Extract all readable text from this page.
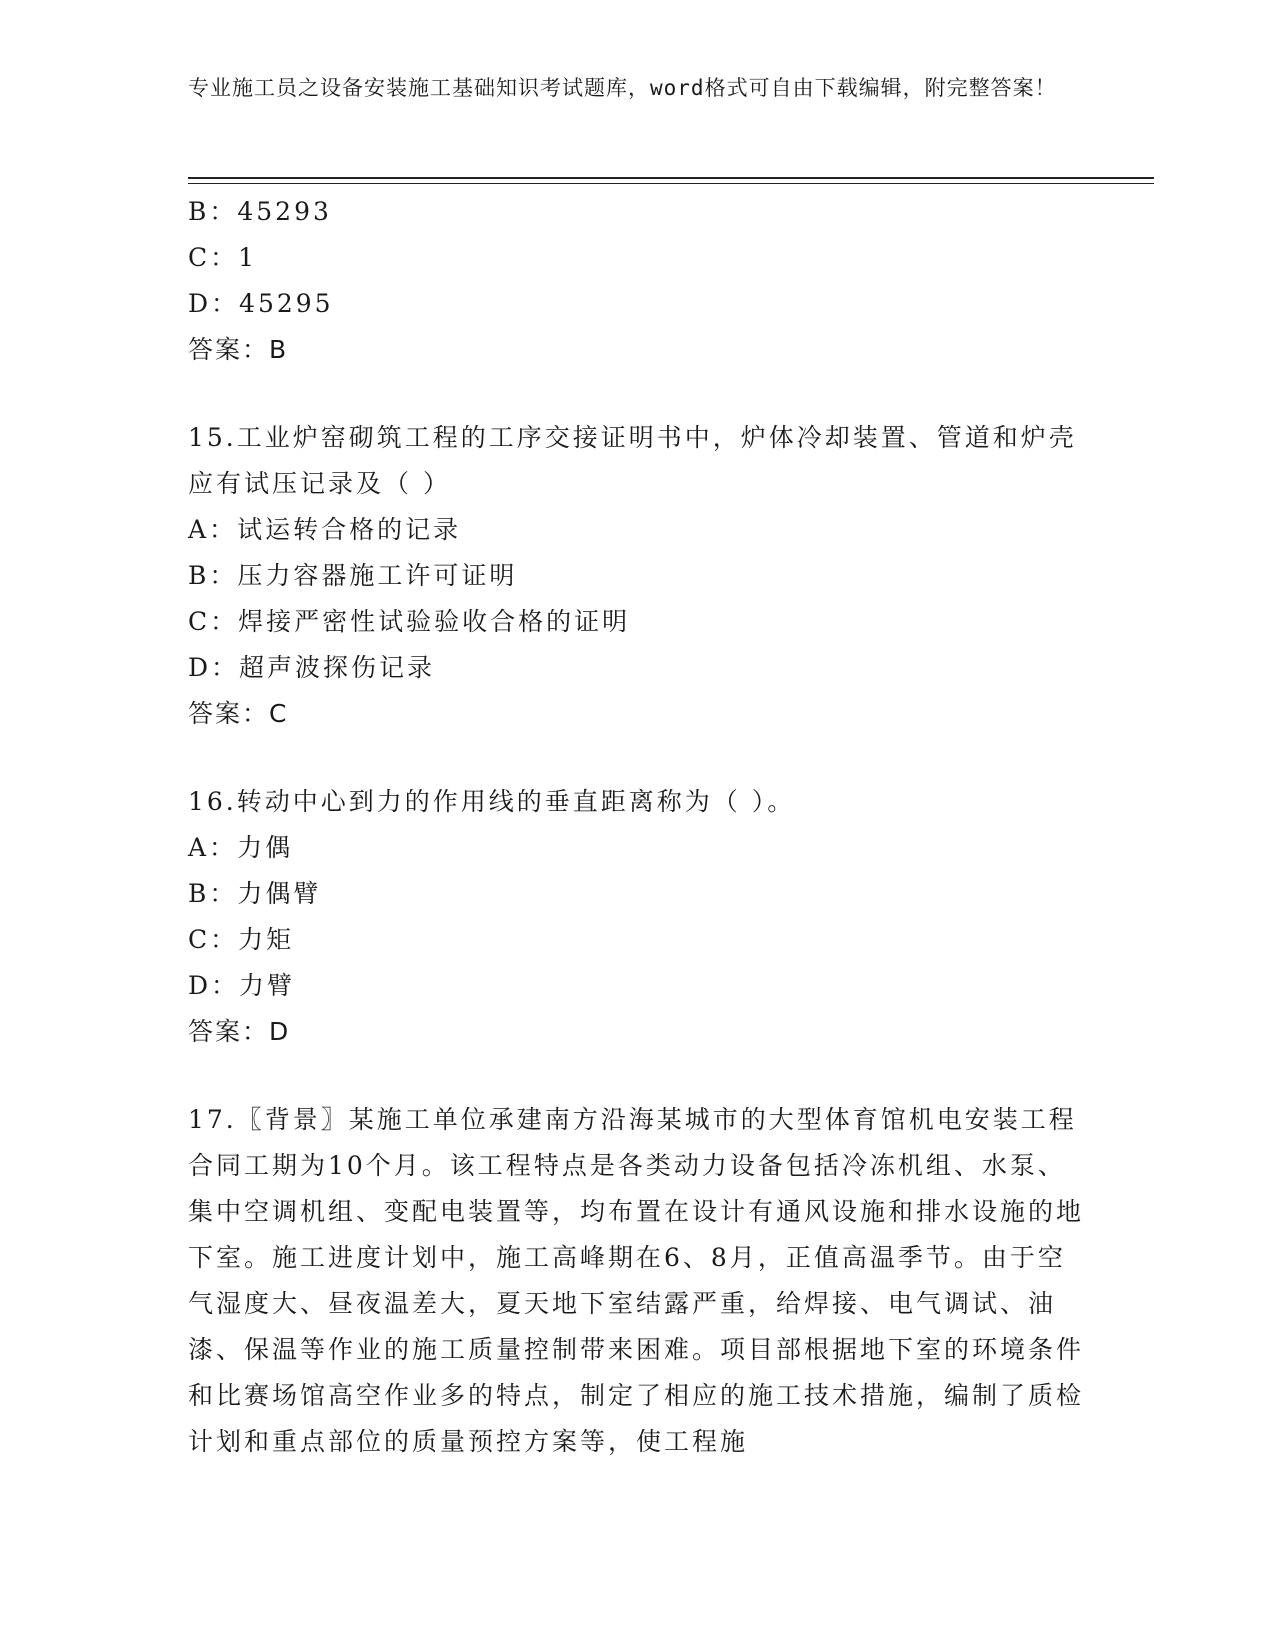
专业施工员之设备安装施工基础知识考试题库，word格式可自由下载编辑，附完整答案！
B：45293
C：1
D：45295
答案：B
15.工业炉窑砌筑工程的工序交接证明书中，炉体冷却装置、管道和炉壳应有试压记录及（ ）
A：试运转合格的记录
B：压力容器施工许可证明
C：焊接严密性试验验收合格的证明
D：超声波探伤记录
答案：C
16.转动中心到力的作用线的垂直距离称为（ ）。
A：力偶
B：力偶臂
C：力矩
D：力臂
答案：D
17.〖背景〗某施工单位承建南方沿海某城市的大型体育馆机电安装工程合同工期为10个月。该工程特点是各类动力设备包括冷冻机组、水泵、集中空调机组、变配电装置等，均布置在设计有通风设施和排水设施的地下室。施工进度计划中，施工高峰期在6、8月，正值高温季节。由于空气湿度大、昼夜温差大，夏天地下室结露严重，给焊接、电气调试、油漆、保温等作业的施工质量控制带来困难。项目部根据地下室的环境条件和比赛场馆高空作业多的特点，制定了相应的施工技术措施，编制了质检计划和重点部位的质量预控方案等，使工程施
